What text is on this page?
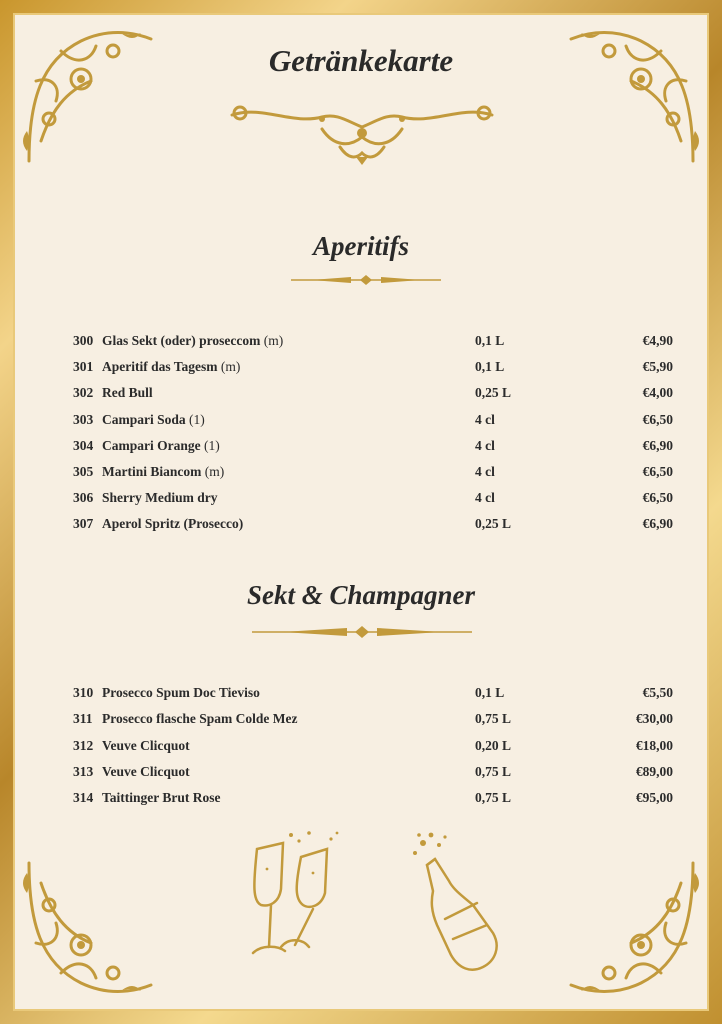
Getränkekarte
Aperitifs
300 Glas Sekt (oder) proseccom (m)	0,1 L	€4,90
301 Aperitif das Tagesm (m)	0,1 L	€5,90
302 Red Bull	0,25 L	€4,00
303 Campari Soda (1)	4 cl	€6,50
304 Campari Orange (1)	4 cl	€6,90
305 Martini Biancom (m)	4 cl	€6,50
306 Sherry Medium dry	4 cl	€6,50
307 Aperol Spritz (Prosecco)	0,25 L	€6,90
Sekt & Champagner
310 Prosecco Spum Doc Tieviso	0,1 L	€5,50
311 Prosecco flasche Spam Colde Mez	0,75 L	€30,00
312 Veuve Clicquot	0,20 L	€18,00
313 Veuve Clicquot	0,75 L	€89,00
314 Taittinger Brut Rose	0,75 L	€95,00
